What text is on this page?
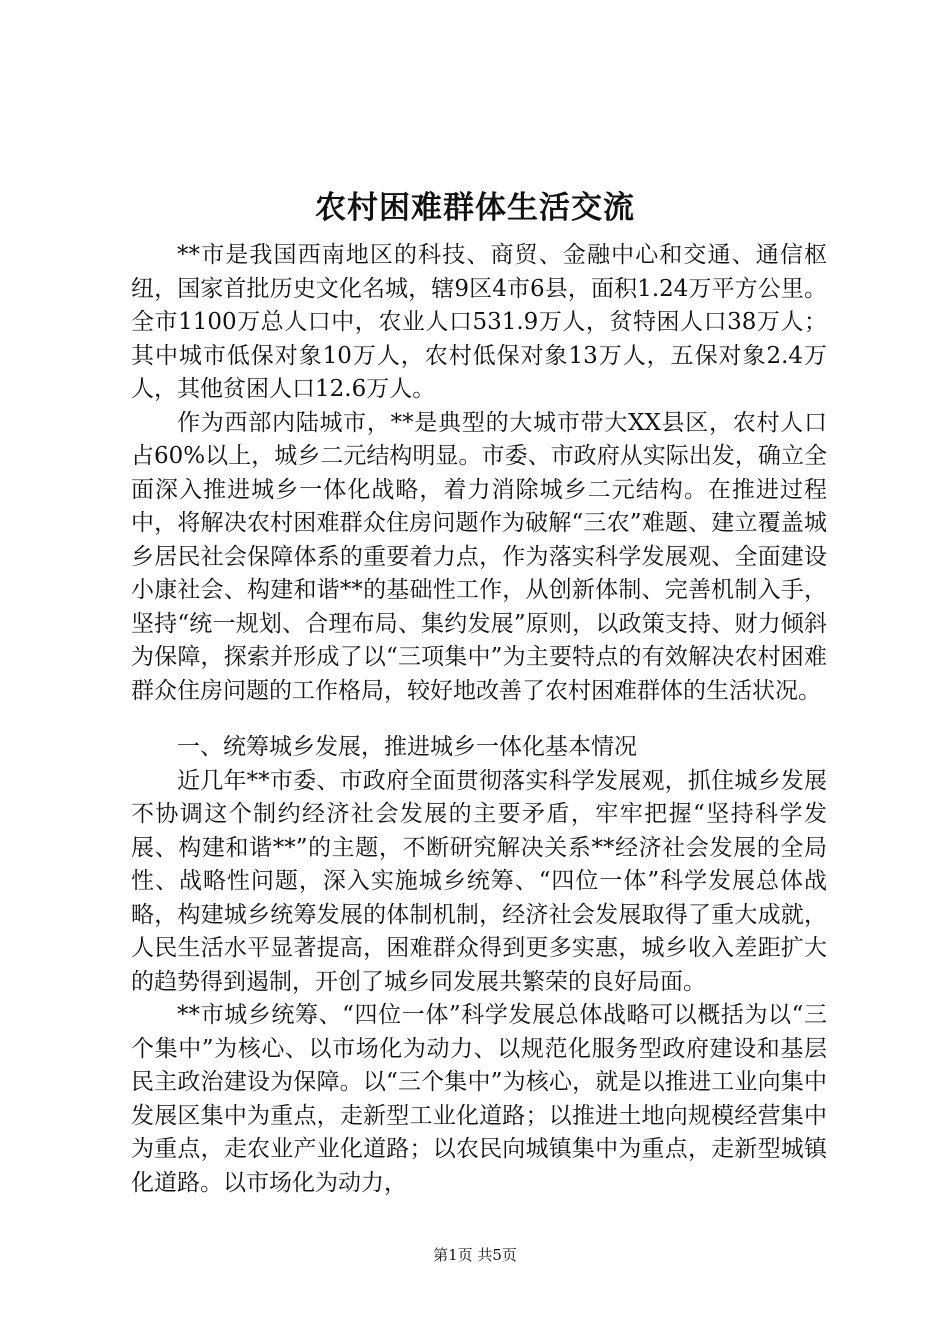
农村困难群体生活交流

**市是我国西南地区的科技、商贸、金融中心和交通、通信枢纽，国家首批历史文化名城，辖9区4市6县，面积1.24万平方公里。全市1100万总人口中，农业人口531.9万人，贫特困人口38万人；其中城市低保对象10万人，农村低保对象13万人，五保对象2.4万人，其他贫困人口12.6万人。

作为西部内陆城市，**是典型的大城市带大XX县区，农村人口占60%以上，城乡二元结构明显。市委、市政府从实际出发，确立全面深入推进城乡一体化战略，着力消除城乡二元结构。在推进过程中，将解决农村困难群众住房问题作为破解“三农”难题、建立覆盖城乡居民社会保障体系的重要着力点，作为落实科学发展观、全面建设小康社会、构建和谐**的基础性工作，从创新体制、完善机制入手，坚持“统一规划、合理布局、集约发展”原则，以政策支持、财力倾斜为保障，探索并形成了以“三项集中”为主要特点的有效解决农村困难群众住房问题的工作格局，较好地改善了农村困难群体的生活状况。

一、统筹城乡发展，推进城乡一体化基本情况

近几年**市委、市政府全面贯彻落实科学发展观，抓住城乡发展不协调这个制约经济社会发展的主要矛盾，牢牢把握“坚持科学发展、构建和谐**”的主题，不断研究解决关系**经济社会发展的全局性、战略性问题，深入实施城乡统筹、“四位一体”科学发展总体战略，构建城乡统筹发展的体制机制，经济社会发展取得了重大成就，人民生活水平显著提高，困难群众得到更多实惠，城乡收入差距扩大的趋势得到遏制，开创了城乡同发展共繁荣的良好局面。

**市城乡统筹、“四位一体”科学发展总体战略可以概括为以“三个集中”为核心、以市场化为动力、以规范化服务型政府建设和基层民主政治建设为保障。以“三个集中”为核心，就是以推进工业向集中发展区集中为重点，走新型工业化道路；以推进土地向规模经营集中为重点，走农业产业化道路；以农民向城镇集中为重点，走新型城镇化道路。以市场化为动力，

第1页 共5页
